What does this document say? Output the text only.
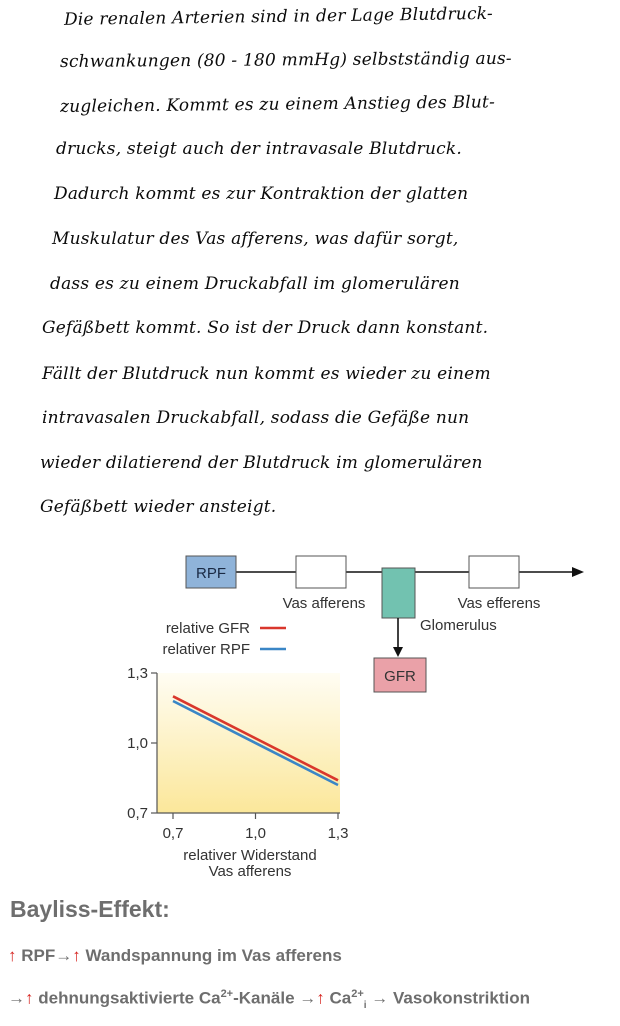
Die renalen Arterien sind in der Lage Blutdruck-
schwankungen (80 - 180 mmHg) selbstständig aus-
zugleichen. Kommt es zu einem Anstieg des Blut-
drucks, steigt auch der intravasale Blutdruck.
Dadurch kommt es zur Kontraktion der glatten
Muskulatur des Vas afferens, was dafür sorgt,
dass es zu einem Druckabfall im glomerulären
Gefäßbett kommt. So ist der Druck dann konstant.
Fällt der Blutdruck nun kommt es wieder zu einem
intravasalen Druckabfall, sodass die Gefäße nun
wieder dilatierend der Blutdruck im glomerulären
Gefäßbett wieder ansteigt.
RPF
Vas afferens
Glomerulus
Vas efferens
GFR
relative GFR
relativer RPF
0,7
1,0
1,3
0,7	1,0	1,3
relativer Widerstand
Vas afferens
Bayliss-Effekt:
↑ RPF→↑ Wandspannung im Vas afferens
→↑ dehnungsaktivierte $Ca^{2+}$-Kanäle →↑ $Ca^{2+}_i$ → Vasokonstriktion
